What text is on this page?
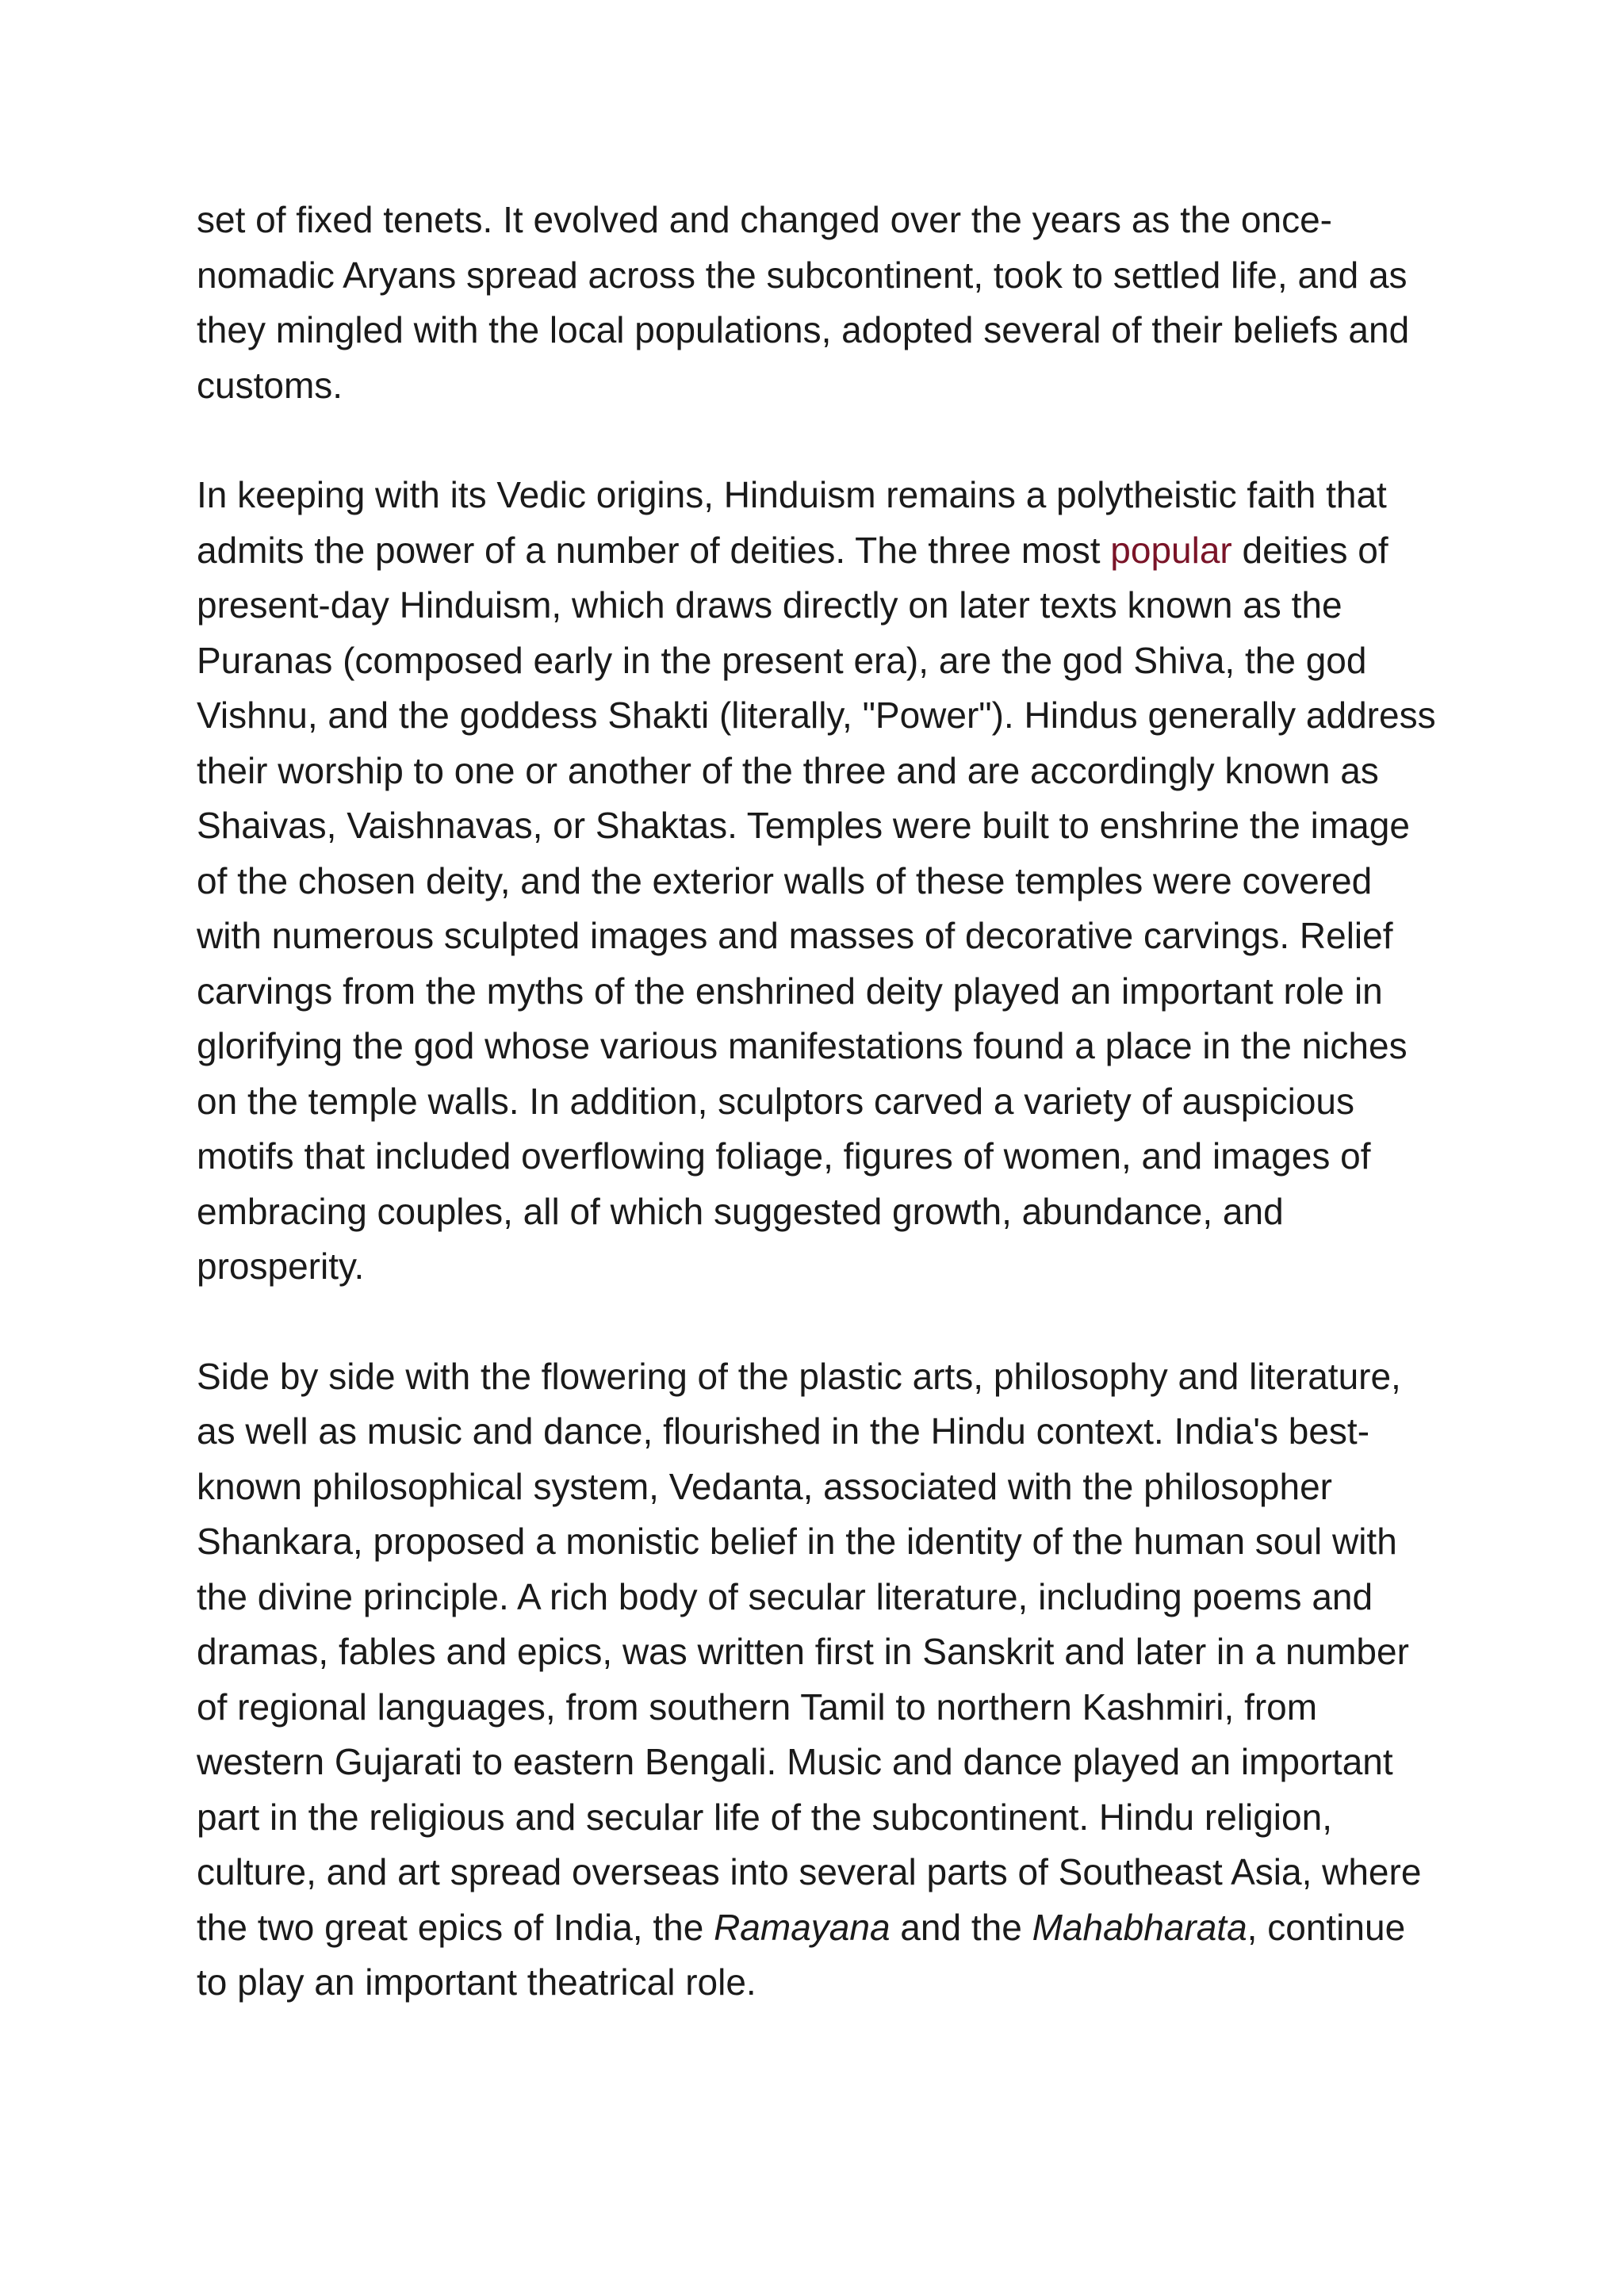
set of fixed tenets. It evolved and changed over the years as the once-nomadic Aryans spread across the subcontinent, took to settled life, and as they mingled with the local populations, adopted several of their beliefs and customs.

In keeping with its Vedic origins, Hinduism remains a polytheistic faith that admits the power of a number of deities. The three most popular deities of present-day Hinduism, which draws directly on later texts known as the Puranas (composed early in the present era), are the god Shiva, the god Vishnu, and the goddess Shakti (literally, "Power"). Hindus generally address their worship to one or another of the three and are accordingly known as Shaivas, Vaishnavas, or Shaktas. Temples were built to enshrine the image of the chosen deity, and the exterior walls of these temples were covered with numerous sculpted images and masses of decorative carvings. Relief carvings from the myths of the enshrined deity played an important role in glorifying the god whose various manifestations found a place in the niches on the temple walls. In addition, sculptors carved a variety of auspicious motifs that included overflowing foliage, figures of women, and images of embracing couples, all of which suggested growth, abundance, and prosperity.

Side by side with the flowering of the plastic arts, philosophy and literature, as well as music and dance, flourished in the Hindu context. India's best-known philosophical system, Vedanta, associated with the philosopher Shankara, proposed a monistic belief in the identity of the human soul with the divine principle. A rich body of secular literature, including poems and dramas, fables and epics, was written first in Sanskrit and later in a number of regional languages, from southern Tamil to northern Kashmiri, from western Gujarati to eastern Bengali. Music and dance played an important part in the religious and secular life of the subcontinent. Hindu religion, culture, and art spread overseas into several parts of Southeast Asia, where the two great epics of India, the Ramayana and the Mahabharata, continue to play an important theatrical role.
